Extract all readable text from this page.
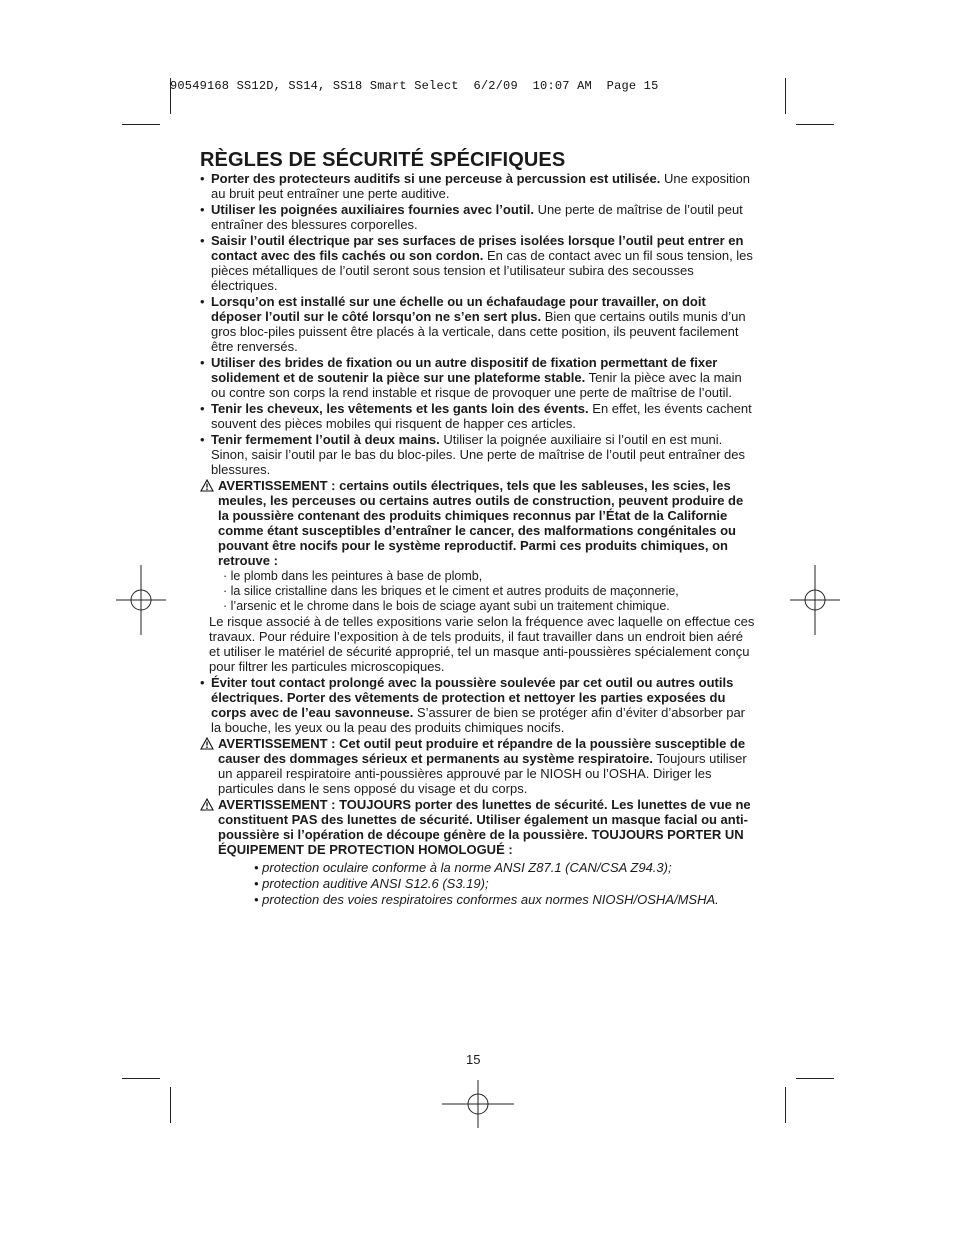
90549168 SS12D, SS14, SS18 Smart Select  6/2/09  10:07 AM  Page 15
RÈGLES DE SÉCURITÉ SPÉCIFIQUES
• Porter des protecteurs auditifs si une perceuse à percussion est utilisée. Une exposition au bruit peut entraîner une perte auditive.
• Utiliser les poignées auxiliaires fournies avec l’outil. Une perte de maîtrise de l’outil peut entraîner des blessures corporelles.
• Saisir l’outil électrique par ses surfaces de prises isolées lorsque l’outil peut entrer en contact avec des fils cachés ou son cordon. En cas de contact avec un fil sous tension, les pièces métalliques de l’outil seront sous tension et l’utilisateur subira des secousses électriques.
• Lorsqu’on est installé sur une échelle ou un échafaudage pour travailler, on doit déposer l’outil sur le côté lorsqu’on ne s’en sert plus. Bien que certains outils munis d’un gros bloc-piles puissent être placés à la verticale, dans cette position, ils peuvent facilement être renversés.
• Utiliser des brides de fixation ou un autre dispositif de fixation permettant de fixer solidement et de soutenir la pièce sur une plateforme stable. Tenir la pièce avec la main ou contre son corps la rend instable et risque de provoquer une perte de maîtrise de l’outil.
• Tenir les cheveux, les vêtements et les gants loin des évents. En effet, les évents cachent souvent des pièces mobiles qui risquent de happer ces articles.
• Tenir fermement l’outil à deux mains. Utiliser la poignée auxiliaire si l’outil en est muni. Sinon, saisir l’outil par le bas du bloc-piles. Une perte de maîtrise de l’outil peut entraîner des blessures.
AVERTISSEMENT : certains outils électriques, tels que les sableuses, les scies, les meules, les perceuses ou certains autres outils de construction, peuvent produire de la poussière contenant des produits chimiques reconnus par l’État de la Californie comme étant susceptibles d’entraîner le cancer, des malformations congénitales ou pouvant être nocifs pour le système reproductif. Parmi ces produits chimiques, on retrouve :
· le plomb dans les peintures à base de plomb,
· la silice cristalline dans les briques et le ciment et autres produits de maçonnerie,
· l’arsenic et le chrome dans le bois de sciage ayant subi un traitement chimique.
Le risque associé à de telles expositions varie selon la fréquence avec laquelle on effectue ces travaux. Pour réduire l’exposition à de tels produits, il faut travailler dans un endroit bien aéré et utiliser le matériel de sécurité approprié, tel un masque anti-poussières spécialement conçu pour filtrer les particules microscopiques.
• Éviter tout contact prolongé avec la poussière soulevée par cet outil ou autres outils électriques. Porter des vêtements de protection et nettoyer les parties exposées du corps avec de l’eau savonneuse. S’assurer de bien se protéger afin d’éviter d’absorber par la bouche, les yeux ou la peau des produits chimiques nocifs.
AVERTISSEMENT : Cet outil peut produire et répandre de la poussière susceptible de causer des dommages sérieux et permanents au système respiratoire. Toujours utiliser un appareil respiratoire anti-poussières approuvé par le NIOSH ou l’OSHA. Diriger les particules dans le sens opposé du visage et du corps.
AVERTISSEMENT : TOUJOURS porter des lunettes de sécurité. Les lunettes de vue ne constituent PAS des lunettes de sécurité. Utiliser également un masque facial ou anti-poussière si l’opération de découpe génère de la poussière. TOUJOURS PORTER UN ÉQUIPEMENT DE PROTECTION HOMOLOGUÉ :
• protection oculaire conforme à la norme ANSI Z87.1 (CAN/CSA Z94.3);
• protection auditive ANSI S12.6 (S3.19);
• protection des voies respiratoires conformes aux normes NIOSH/OSHA/MSHA.
15
